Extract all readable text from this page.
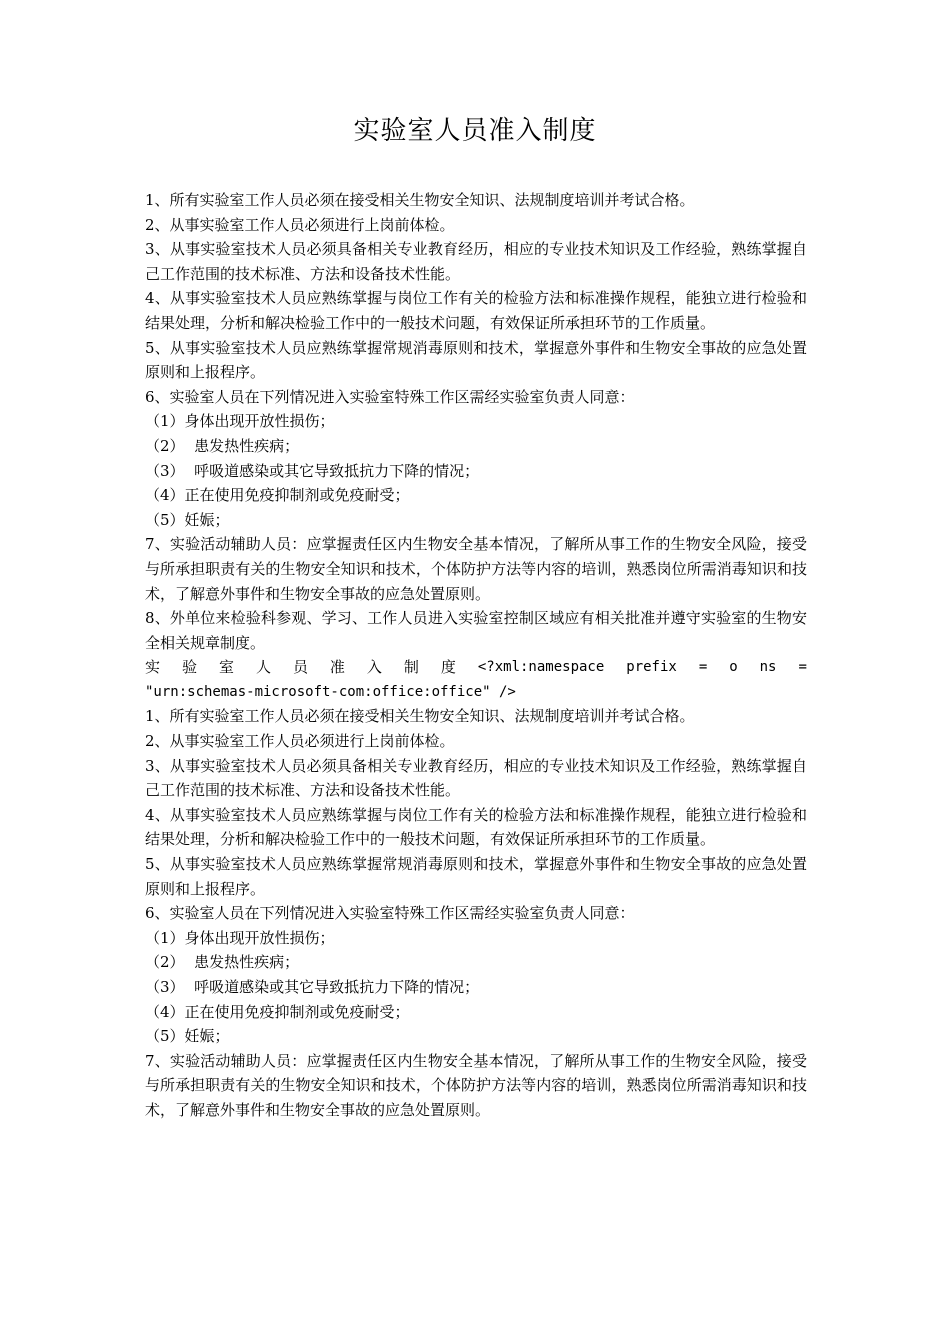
实验室人员准入制度

1、所有实验室工作人员必须在接受相关生物安全知识、法规制度培训并考试合格。

2、从事实验室工作人员必须进行上岗前体检。

3、从事实验室技术人员必须具备相关专业教育经历，相应的专业技术知识及工作经验，熟练掌握自己工作范围的技术标准、方法和设备技术性能。

4、从事实验室技术人员应熟练掌握与岗位工作有关的检验方法和标准操作规程，能独立进行检验和结果处理，分析和解决检验工作中的一般技术问题，有效保证所承担环节的工作质量。

5、从事实验室技术人员应熟练掌握常规消毒原则和技术，掌握意外事件和生物安全事故的应急处置原则和上报程序。

6、实验室人员在下列情况进入实验室特殊工作区需经实验室负责人同意：

（1）身体出现开放性损伤；

（2）  患发热性疾病；

（3）  呼吸道感染或其它导致抵抗力下降的情况；

（4）正在使用免疫抑制剂或免疫耐受；

（5）妊娠；

7、实验活动辅助人员：应掌握责任区内生物安全基本情况，了解所从事工作的生物安全风险，接受与所承担职责有关的生物安全知识和技术，个体防护方法等内容的培训，熟悉岗位所需消毒知识和技术，了解意外事件和生物安全事故的应急处置原则。

8、外单位来检验科参观、学习、工作人员进入实验室控制区域应有相关批准并遵守实验室的生物安全相关规章制度。

实 验 室 人 员 准 入 制 度 <?xml:namespace prefix = o ns =

"urn:schemas-microsoft-com:office:office" />

1、所有实验室工作人员必须在接受相关生物安全知识、法规制度培训并考试合格。

2、从事实验室工作人员必须进行上岗前体检。

3、从事实验室技术人员必须具备相关专业教育经历，相应的专业技术知识及工作经验，熟练掌握自己工作范围的技术标准、方法和设备技术性能。

4、从事实验室技术人员应熟练掌握与岗位工作有关的检验方法和标准操作规程，能独立进行检验和结果处理，分析和解决检验工作中的一般技术问题，有效保证所承担环节的工作质量。

5、从事实验室技术人员应熟练掌握常规消毒原则和技术，掌握意外事件和生物安全事故的应急处置原则和上报程序。

6、实验室人员在下列情况进入实验室特殊工作区需经实验室负责人同意：

（1）身体出现开放性损伤；

（2）  患发热性疾病；

（3）  呼吸道感染或其它导致抵抗力下降的情况；

（4）正在使用免疫抑制剂或免疫耐受；

（5）妊娠；

7、实验活动辅助人员：应掌握责任区内生物安全基本情况，了解所从事工作的生物安全风险，接受与所承担职责有关的生物安全知识和技术，个体防护方法等内容的培训，熟悉岗位所需消毒知识和技术，了解意外事件和生物安全事故的应急处置原则。
